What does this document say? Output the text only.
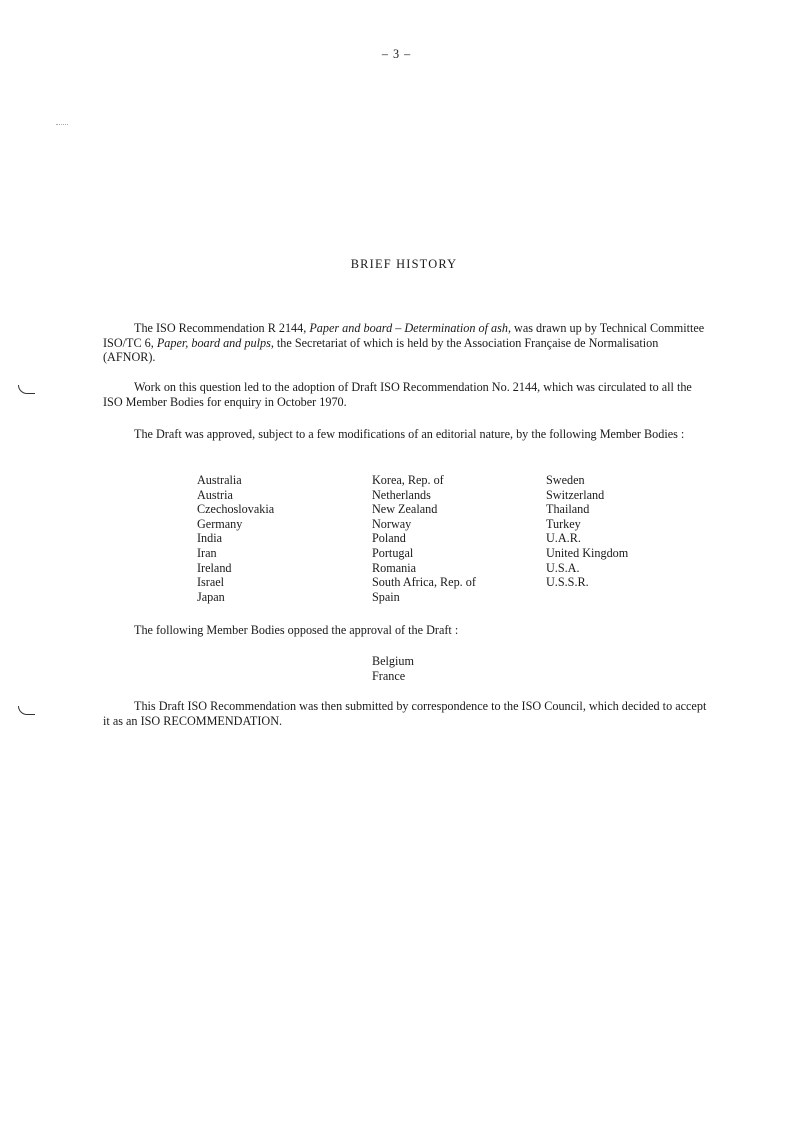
– 3 –
BRIEF HISTORY

The ISO Recommendation R 2144, Paper and board – Determination of ash, was drawn up by Technical Committee ISO/TC 6, Paper, board and pulps, the Secretariat of which is held by the Association Française de Normalisation (AFNOR).

Work on this question led to the adoption of Draft ISO Recommendation No. 2144, which was circulated to all the ISO Member Bodies for enquiry in October 1970.

The Draft was approved, subject to a few modifications of an editorial nature, by the following Member Bodies :

Australia
Austria
Czechoslovakia
Germany
India
Iran
Ireland
Israel
Japan
Korea, Rep. of
Netherlands
New Zealand
Norway
Poland
Portugal
Romania
South Africa, Rep. of
Spain
Sweden
Switzerland
Thailand
Turkey
U.A.R.
United Kingdom
U.S.A.
U.S.S.R.

The following Member Bodies opposed the approval of the Draft :

Belgium
France

This Draft ISO Recommendation was then submitted by correspondence to the ISO Council, which decided to accept it as an ISO RECOMMENDATION.
